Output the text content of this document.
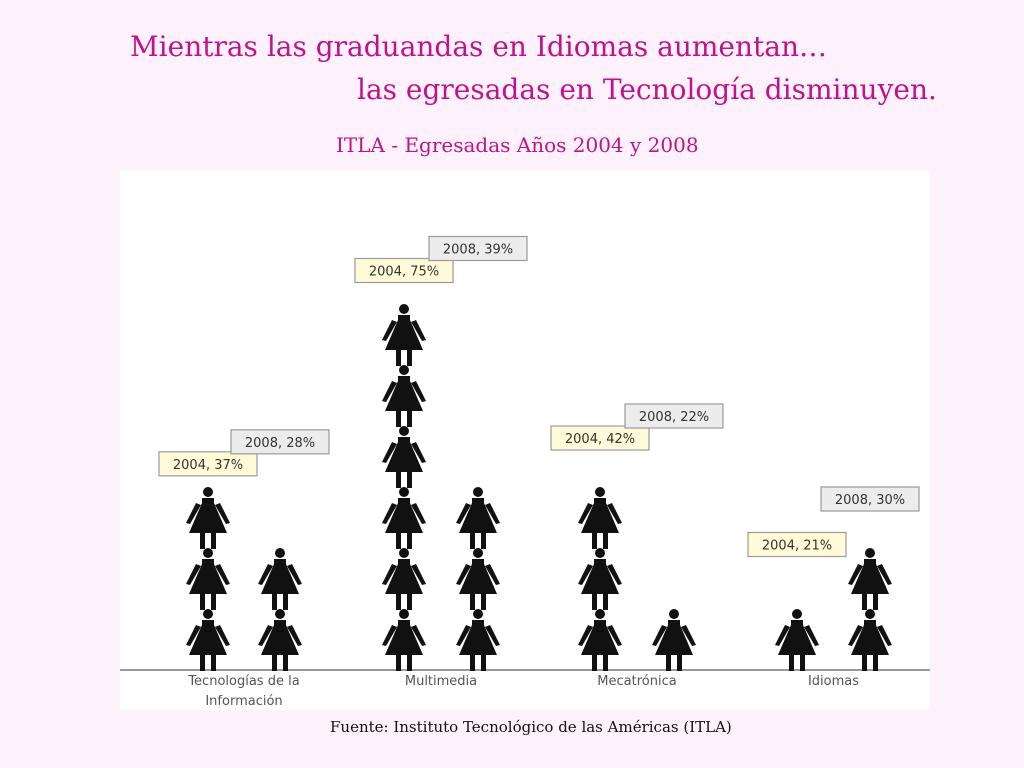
Mientras las graduandas en Idiomas aumentan…
las egresadas en Tecnología disminuyen.
ITLA - Egresadas Años 2004 y 2008
2004, 37%
2008, 28%
Tecnologías de la
Información
2004, 75%
2008, 39%
Multimedia
2004, 42%
2008, 22%
Mecatrónica
2004, 21%
2008, 30%
Idiomas
Fuente: Instituto Tecnológico de las Américas (ITLA)
